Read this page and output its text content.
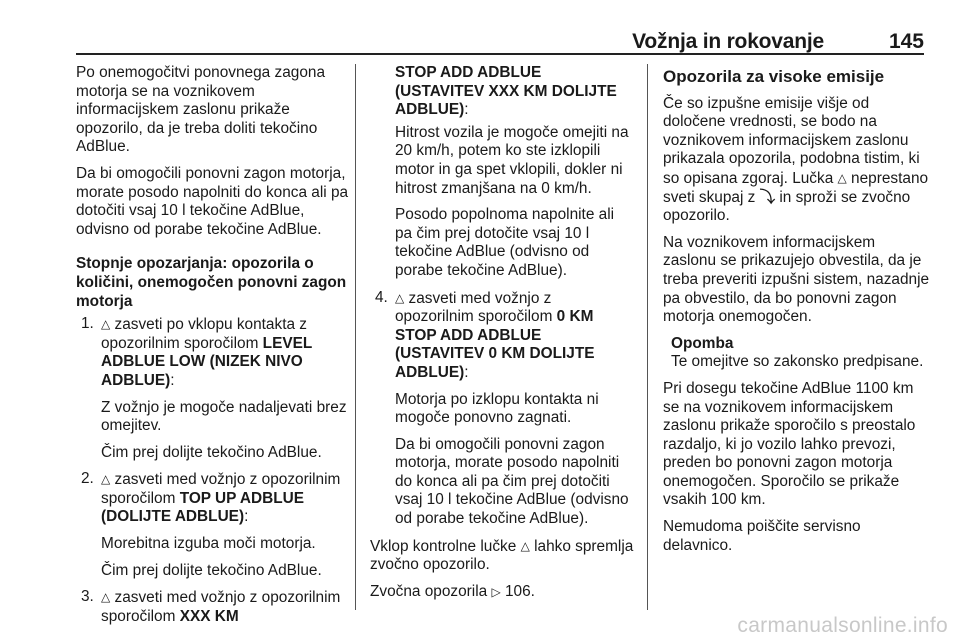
Vožnja in rokovanje	145

Po onemogočitvi ponovnega zagona motorja se na voznikovem informacijskem zaslonu prikaže opozorilo, da je treba doliti tekočino AdBlue.

Da bi omogočili ponovni zagon motorja, morate posodo napolniti do konca ali pa dotočiti vsaj 10 l tekočine AdBlue, odvisno od porabe tekočine AdBlue.

Stopnje opozarjanja: opozorila o količini, onemogočen ponovni zagon motorja

1. △ zasveti po vklopu kontakta z opozorilnim sporočilom LEVEL ADBLUE LOW (NIZEK NIVO ADBLUE):

Z vožnjo je mogoče nadaljevati brez omejitev.

Čim prej dolijte tekočino AdBlue.

2. △ zasveti med vožnjo z opozorilnim sporočilom TOP UP ADBLUE (DOLIJTE ADBLUE):

Morebitna izguba moči motorja.

Čim prej dolijte tekočino AdBlue.

3. △ zasveti med vožnjo z opozorilnim sporočilom XXX KM

STOP ADD ADBLUE (USTAVITEV XXX KM DOLIJTE ADBLUE):

Hitrost vozila je mogoče omejiti na 20 km/h, potem ko ste izklopili motor in ga spet vklopili, dokler ni hitrost zmanjšana na 0 km/h.

Posodo popolnoma napolnite ali pa čim prej dotočite vsaj 10 l tekočine AdBlue (odvisno od porabe tekočine AdBlue).

4. △ zasveti med vožnjo z opozorilnim sporočilom 0 KM STOP ADD ADBLUE (USTAVITEV 0 KM DOLIJTE ADBLUE):

Motorja po izklopu kontakta ni mogoče ponovno zagnati.

Da bi omogočili ponovni zagon motorja, morate posodo napolniti do konca ali pa čim prej dotočiti vsaj 10 l tekočine AdBlue (odvisno od porabe tekočine AdBlue).

Vklop kontrolne lučke △ lahko spremlja zvočno opozorilo.

Zvočna opozorila ▷ 106.

Opozorila za visoke emisije

Če so izpušne emisije višje od določene vrednosti, se bodo na voznikovem informacijskem zaslonu prikazala opozorila, podobna tistim, ki so opisana zgoraj. Lučka △ neprestano sveti skupaj z ⤵ in sproži se zvočno opozorilo.

Na voznikovem informacijskem zaslonu se prikazujejo obvestila, da je treba preveriti izpušni sistem, nazadnje pa obvestilo, da bo ponovni zagon motorja onemogočen.

Opomba

Te omejitve so zakonsko predpisane.

Pri dosegu tekočine AdBlue 1100 km se na voznikovem informacijskem zaslonu prikaže sporočilo s preostalo razdaljo, ki jo vozilo lahko prevozi, preden bo ponovni zagon motorja onemogočen. Sporočilo se prikaže vsakih 100 km.

Nemudoma poiščite servisno delavnico.

carmanualsonline.info
